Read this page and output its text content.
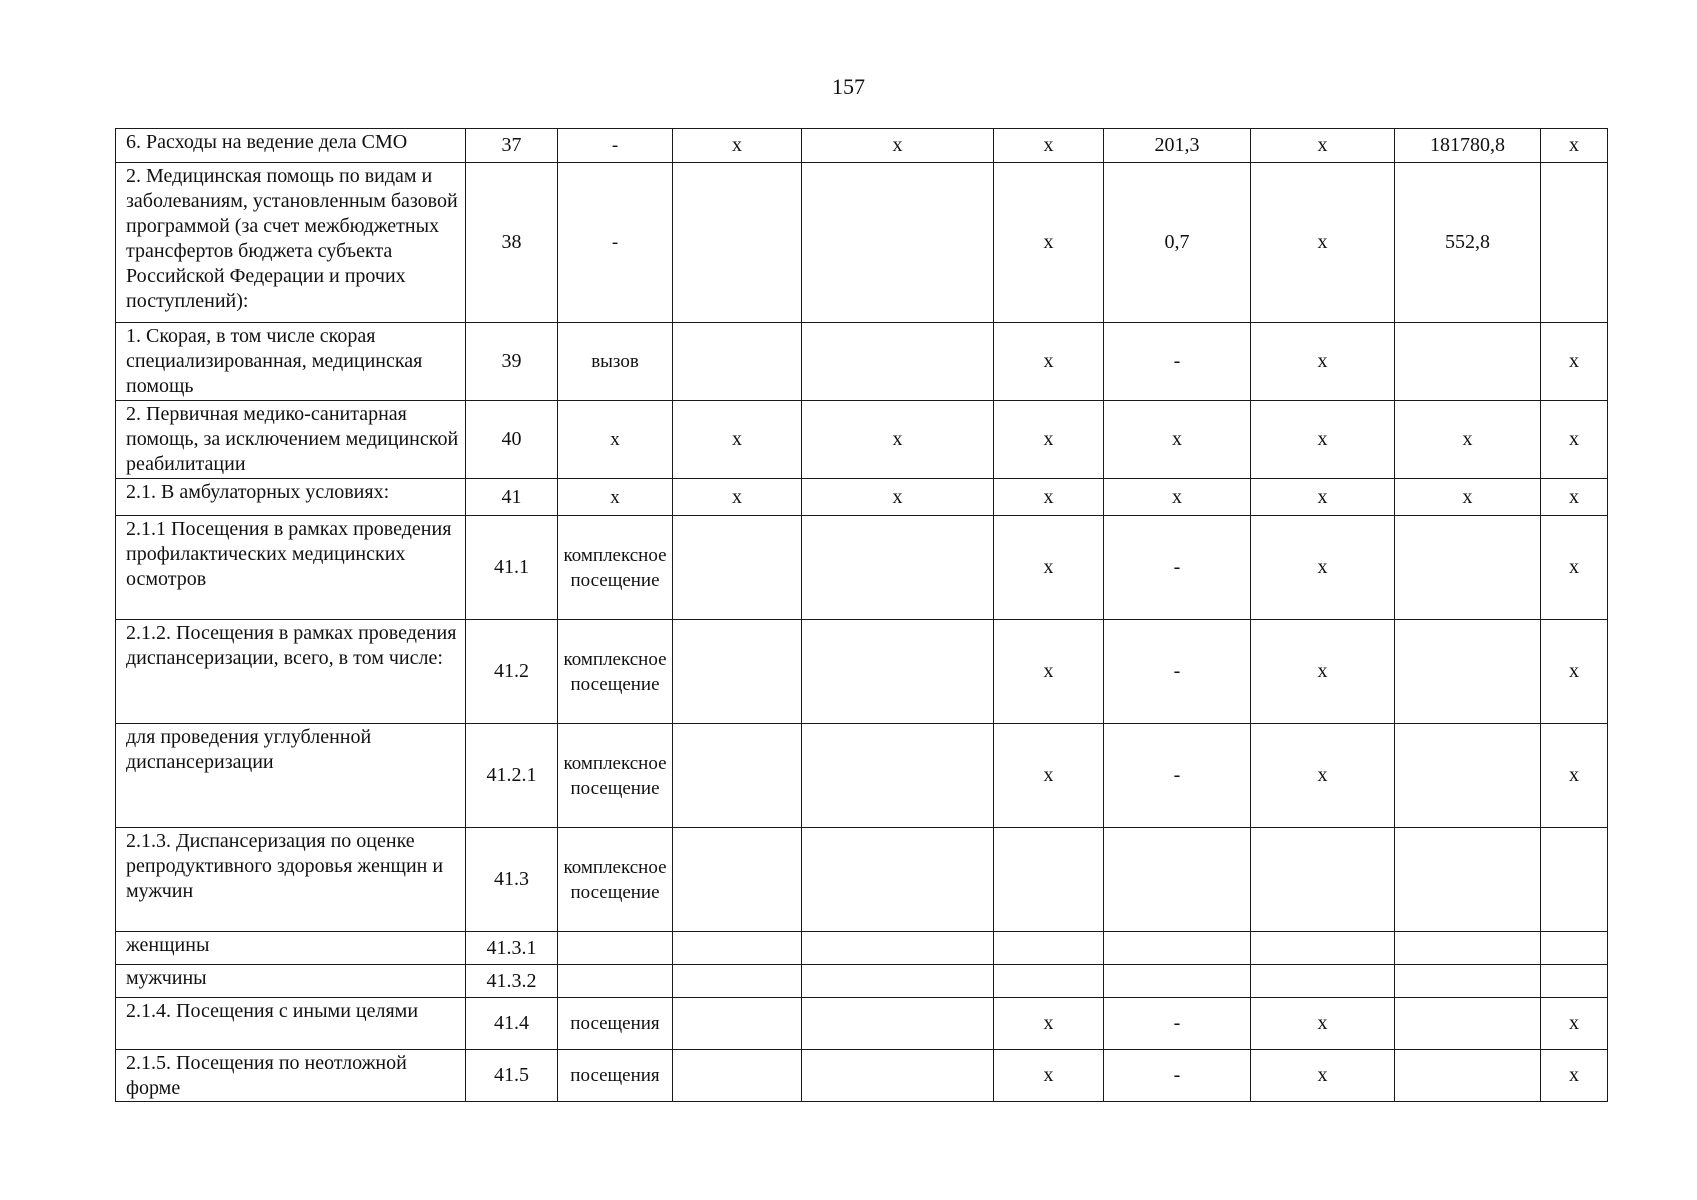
157
6. Расходы на ведение дела СМО	37	-	х	х	х	201,3	х	181780,8	х
2. Медицинская помощь по видам и заболеваниям, установленным базовой программой (за счет межбюджетных трансфертов бюджета субъекта Российской Федерации и прочих поступлений):	38	-			х	0,7	х	552,8	
1. Скорая, в том числе скорая специализированная, медицинская помощь	39	вызов			х	-	х		х
2. Первичная медико-санитарная помощь, за исключением медицинской реабилитации	40	х	х	х	х	х	х	х	х
2.1. В амбулаторных условиях:	41	х	х	х	х	х	х	х	х
2.1.1 Посещения в рамках проведения профилактических медицинских осмотров	41.1	комплексное посещение			х	-	х		х
2.1.2. Посещения в рамках проведения диспансеризации, всего, в том числе:	41.2	комплексное посещение			х	-	х		х
для проведения углубленной диспансеризации	41.2.1	комплексное посещение			х	-	х		х
2.1.3. Диспансеризация по оценке репродуктивного здоровья женщин и мужчин	41.3	комплексное посещение							
женщины	41.3.1								
мужчины	41.3.2								
2.1.4. Посещения с иными целями	41.4	посещения			х	-	х		х
2.1.5. Посещения по неотложной форме	41.5	посещения			х	-	х		х
